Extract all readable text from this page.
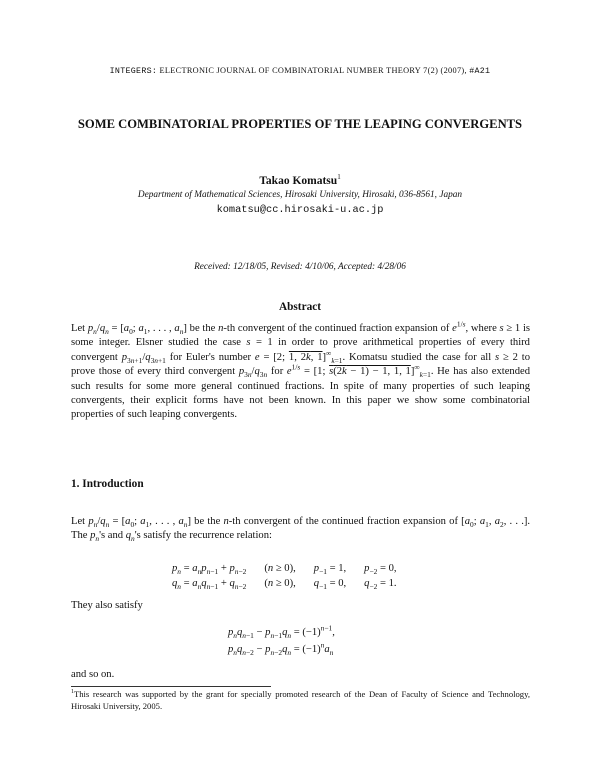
INTEGERS: ELECTRONIC JOURNAL OF COMBINATORIAL NUMBER THEORY 7(2) (2007), #A21
SOME COMBINATORIAL PROPERTIES OF THE LEAPING CONVERGENTS
Takao Komatsu$^1$
Department of Mathematical Sciences, Hirosaki University, Hirosaki, 036-8561, Japan
komatsu@cc.hirosaki-u.ac.jp
Received: 12/18/05, Revised: 4/10/06, Accepted: 4/28/06
Abstract
Let $p_n/q_n = [a_0$; $a_1$, . . . , $a_n$] be the n-th convergent of the continued fraction expansion of $e^{1/s}$, where s ≥ 1 is some integer. Elsner studied the case s = 1 in order to prove arithmetical properties of every third convergent $p_{3n+1}/q_{3n+1}$ for Euler's number e = [2; 1, 2k, $1]^\infty_{k=1}$. Komatsu studied the case for all s ≥ 2 to prove those of every third convergent $p_{3n}/q_{3n}$ for $e^{1/s} = [1$; s(2k − 1) − 1, 1, $1]^\infty_{k=1}$. He has also extended such results for some more general continued fractions. In spite of many properties of such leaping convergents, their explicit forms have not been known. In this paper we show some combinatorial properties of such leaping convergents.
1. Introduction
Let $p_n/q_n = [a_0$; $a_1$, . . . , $a_n$] be the n-th convergent of the continued fraction expansion of [$a_0$; $a_1$, $a_2$, . . .]. The $p_n's$ and $q_n's$ satisfy the recurrence relation:
$p_n = a_np_{n-1} + p_{n-2}$ (n ≥ 0), $p_{-1} = 1$, $p_{-2} = 0$,
$q_n = a_nq_{n-1} + q_{n-2}$ (n ≥ 0), $q_{-1} = 0$, $q_{-2} = 1$.
They also satisfy
$p_nq_{n-1} - p_{n-1}q_n = (-1)^{n-1}$,
$p_nq_{n-2} - p_{n-2}q_n = (-1)^na_n$
and so on.
$^1$This research was supported by the grant for specially promoted research of the Dean of Faculty of Science and Technology, Hirosaki University, 2005.
